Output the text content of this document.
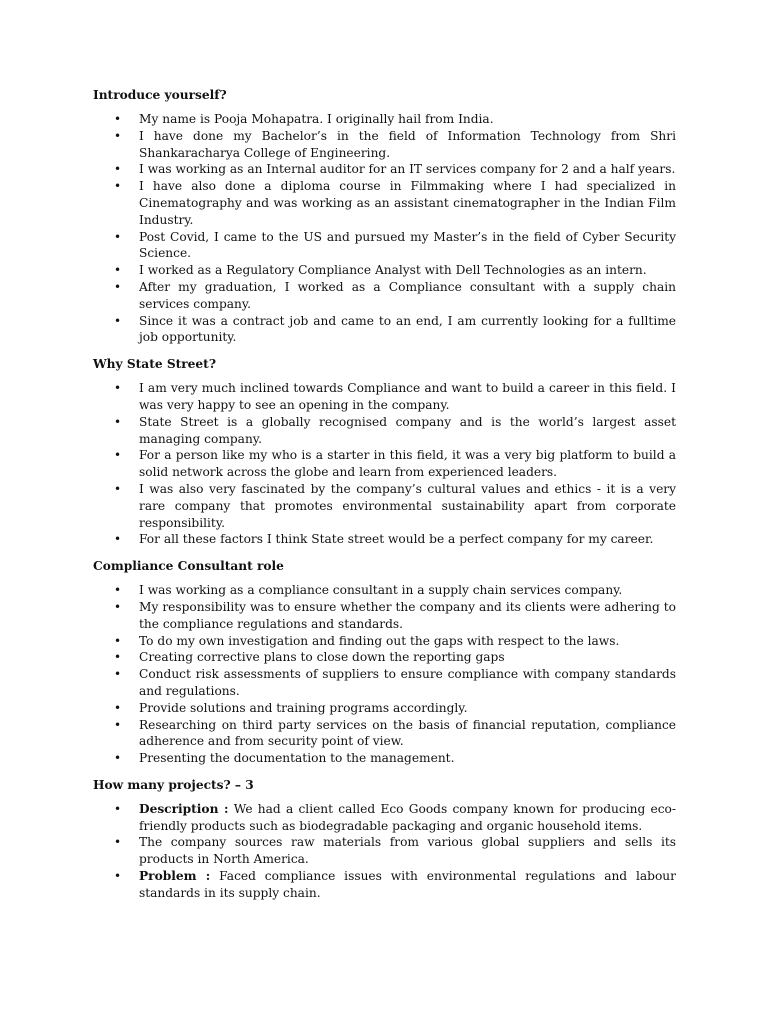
Introduce yourself?
• My name is Pooja Mohapatra. I originally hail from India.
• I have done my Bachelor’s in the field of Information Technology from Shri Shankaracharya College of Engineering.
• I was working as an Internal auditor for an IT services company for 2 and a half years.
• I have also done a diploma course in Filmmaking where I had specialized in Cinematography and was working as an assistant cinematographer in the Indian Film Industry.
• Post Covid, I came to the US and pursued my Master’s in the field of Cyber Security Science.
• I worked as a Regulatory Compliance Analyst with Dell Technologies as an intern.
• After my graduation, I worked as a Compliance consultant with a supply chain services company.
• Since it was a contract job and came to an end, I am currently looking for a fulltime job opportunity.
Why State Street?
• I am very much inclined towards Compliance and want to build a career in this field. I was very happy to see an opening in the company.
• State Street is a globally recognised company and is the world’s largest asset managing company.
• For a person like my who is a starter in this field, it was a very big platform to build a solid network across the globe and learn from experienced leaders.
• I was also very fascinated by the company’s cultural values and ethics - it is a very rare company that promotes environmental sustainability apart from corporate responsibility.
• For all these factors I think State street would be a perfect company for my career.
Compliance Consultant role
• I was working as a compliance consultant in a supply chain services company.
• My responsibility was to ensure whether the company and its clients were adhering to the compliance regulations and standards.
• To do my own investigation and finding out the gaps with respect to the laws.
• Creating corrective plans to close down the reporting gaps
• Conduct risk assessments of suppliers to ensure compliance with company standards and regulations.
• Provide solutions and training programs accordingly.
• Researching on third party services on the basis of financial reputation, compliance adherence and from security point of view.
• Presenting the documentation to the management.
How many projects? – 3
• Description : We had a client called Eco Goods company known for producing eco-friendly products such as biodegradable packaging and organic household items.
• The company sources raw materials from various global suppliers and sells its products in North America.
• Problem : Faced compliance issues with environmental regulations and labour standards in its supply chain.
